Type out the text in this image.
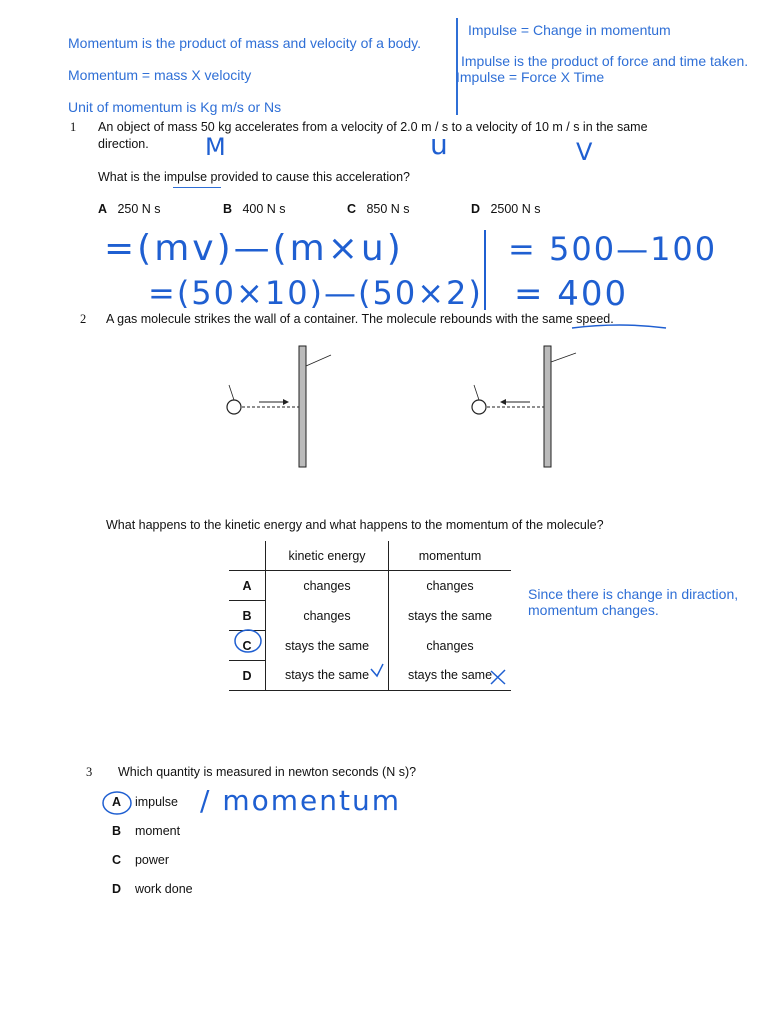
Momentum is the product of mass and velocity of a body.
Momentum = mass X velocity
Unit of momentum is Kg m/s or Ns
Impulse = Change in momentum
Impulse is the product of force and time taken.
Impulse = Force X Time
1 An object of mass 50 kg accelerates from a velocity of 2.0 m / s to a velocity of 10 m / s in the same
direction. M	u	V
What is the impulse provided to cause this acceleration?
A 250 N s	B 400 N s	C 850 N s	D 2500 N s
=(mv)—(m×u)
=(50×10)—(50×2)
= 500—100
= 400
2 A gas molecule strikes the wall of a container. The molecule rebounds with the same speed.
What happens to the kinetic energy and what happens to the momentum of the molecule?
	kinetic energy	momentum
A	changes	changes
B	changes	stays the same
C	stays the same	changes
D	stays the same	stays the same
Since there is change in diraction,
momentum changes.
3 Which quantity is measured in newton seconds (N s)?
A impulse
B moment
C power
D work done
/ momentum
